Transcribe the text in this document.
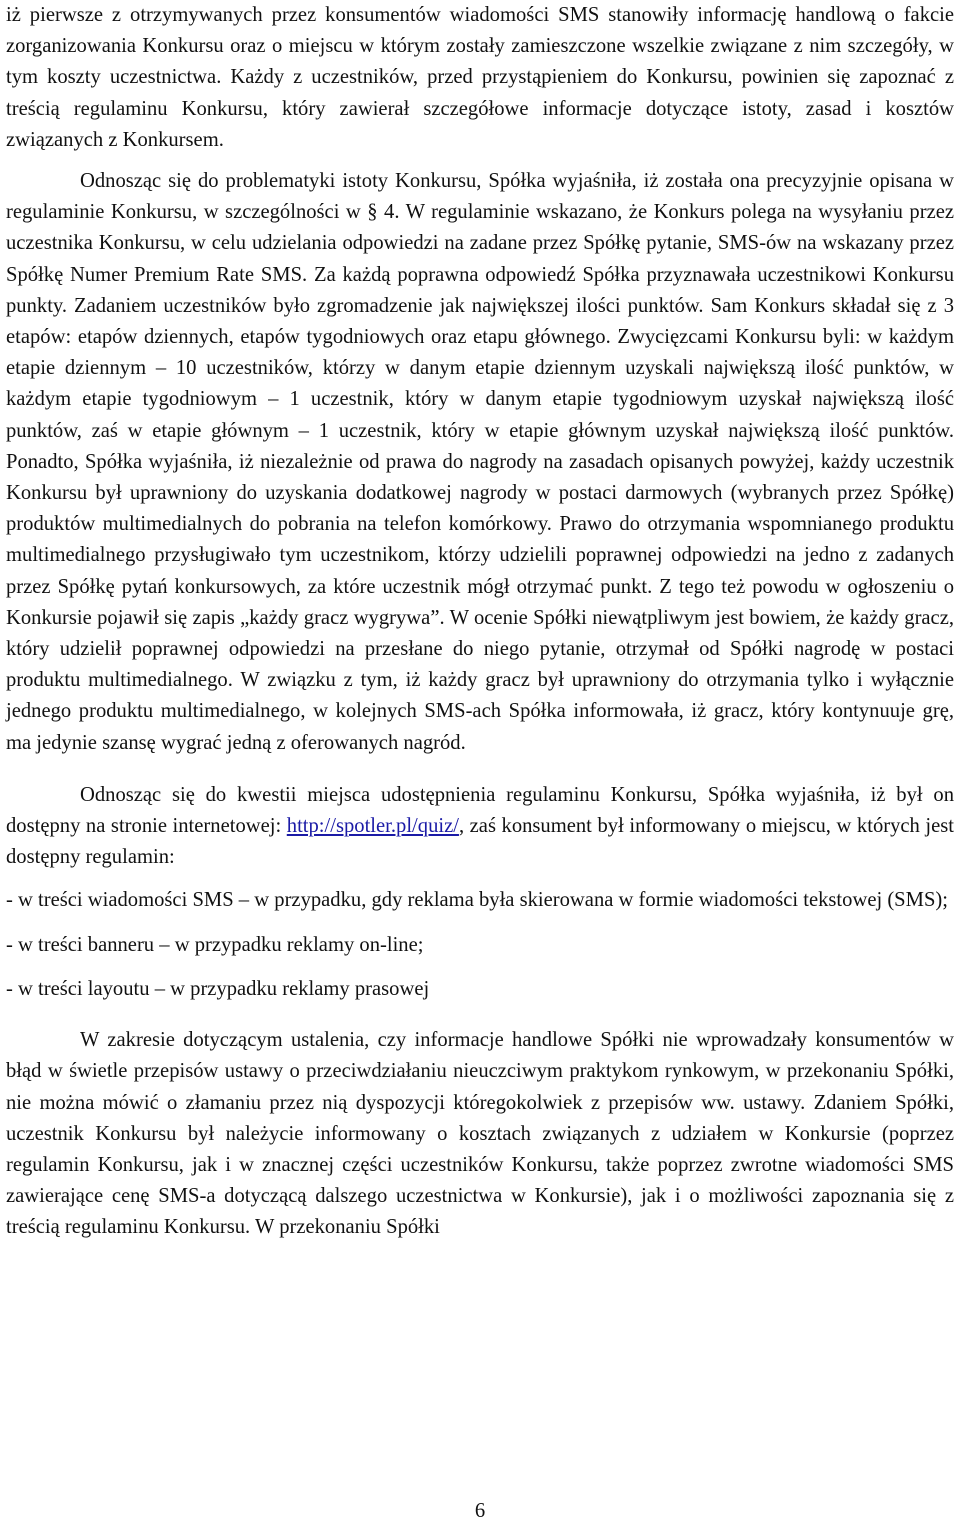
iż pierwsze z otrzymywanych przez konsumentów wiadomości SMS stanowiły informację handlową o fakcie zorganizowania Konkursu oraz o miejscu w którym zostały zamieszczone wszelkie związane z nim szczegóły, w tym koszty uczestnictwa. Każdy z uczestników, przed przystąpieniem do Konkursu, powinien się zapoznać z treścią regulaminu Konkursu, który zawierał szczegółowe informacje dotyczące istoty, zasad i kosztów związanych z Konkursem.

Odnosząc się do problematyki istoty Konkursu, Spółka wyjaśniła, iż została ona precyzyjnie opisana w regulaminie Konkursu, w szczególności w § 4. W regulaminie wskazano, że Konkurs polega na wysyłaniu przez uczestnika Konkursu, w celu udzielania odpowiedzi na zadane przez Spółkę pytanie, SMS-ów na wskazany przez Spółkę Numer Premium Rate SMS. Za każdą poprawna odpowiedź Spółka przyznawała uczestnikowi Konkursu punkty. Zadaniem uczestników było zgromadzenie jak największej ilości punktów. Sam Konkurs składał się z 3 etapów: etapów dziennych, etapów tygodniowych oraz etapu głównego. Zwycięzcami Konkursu byli: w każdym etapie dziennym – 10 uczestników, którzy w danym etapie dziennym uzyskali największą ilość punktów, w każdym etapie tygodniowym – 1 uczestnik, który w danym etapie tygodniowym uzyskał największą ilość punktów, zaś w etapie głównym – 1 uczestnik, który w etapie głównym uzyskał największą ilość punktów. Ponadto, Spółka wyjaśniła, iż niezależnie od prawa do nagrody na zasadach opisanych powyżej, każdy uczestnik Konkursu był uprawniony do uzyskania dodatkowej nagrody w postaci darmowych (wybranych przez Spółkę) produktów multimedialnych do pobrania na telefon komórkowy. Prawo do otrzymania wspomnianego produktu multimedialnego przysługiwało tym uczestnikom, którzy udzielili poprawnej odpowiedzi na jedno z zadanych przez Spółkę pytań konkursowych, za które uczestnik mógł otrzymać punkt. Z tego też powodu w ogłoszeniu o Konkursie pojawił się zapis „każdy gracz wygrywa”. W ocenie Spółki niewątpliwym jest bowiem, że każdy gracz, który udzielił poprawnej odpowiedzi na przesłane do niego pytanie, otrzymał od Spółki nagrodę w postaci produktu multimedialnego. W związku z tym, iż każdy gracz był uprawniony do otrzymania tylko i wyłącznie jednego produktu multimedialnego, w kolejnych SMS-ach Spółka informowała, iż gracz, który kontynuuje grę, ma jedynie szansę wygrać jedną z oferowanych nagród.

Odnosząc się do kwestii miejsca udostępnienia regulaminu Konkursu, Spółka wyjaśniła, iż był on dostępny na stronie internetowej: http://spotler.pl/quiz/, zaś konsument był informowany o miejscu, w których jest dostępny regulamin:

- w treści wiadomości SMS – w przypadku, gdy reklama była skierowana w formie wiadomości tekstowej (SMS);

- w treści banneru – w przypadku reklamy on-line;

- w treści layoutu – w przypadku reklamy prasowej

W zakresie dotyczącym ustalenia, czy informacje handlowe Spółki nie wprowadzały konsumentów w błąd w świetle przepisów ustawy o przeciwdziałaniu nieuczciwym praktykom rynkowym, w przekonaniu Spółki, nie można mówić o złamaniu przez nią dyspozycji któregokolwiek z przepisów ww. ustawy. Zdaniem Spółki, uczestnik Konkursu był należycie informowany o kosztach związanych z udziałem w Konkursie (poprzez regulamin Konkursu, jak i w znacznej części uczestników Konkursu, także poprzez zwrotne wiadomości SMS zawierające cenę SMS-a dotyczącą dalszego uczestnictwa w Konkursie), jak i o możliwości zapoznania się z treścią regulaminu Konkursu. W przekonaniu Spółki

6
